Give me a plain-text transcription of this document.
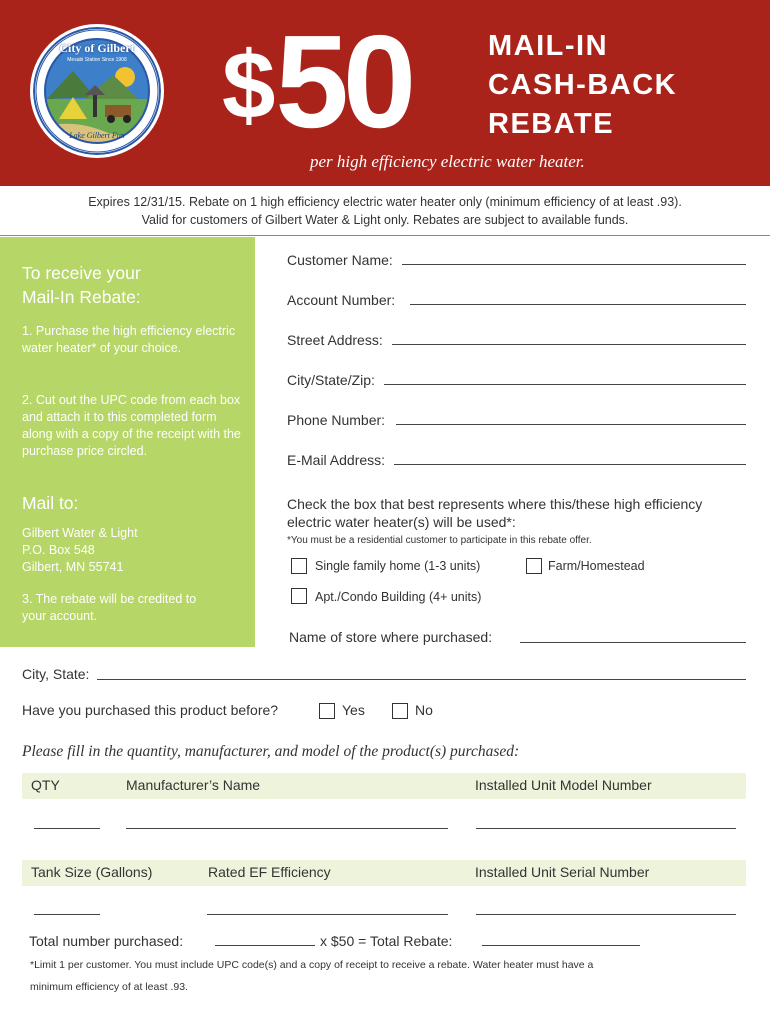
City of Gilbert
Mesabi Station Since 1908
Lake Gilbert Fun	$50	MAIL-IN
CASH-BACK
REBATE
per high efficiency electric water heater.
Expires 12/31/15. Rebate on 1 high efficiency electric water heater only (minimum efficiency of at least .93).
Valid for customers of Gilbert Water & Light only. Rebates are subject to available funds.
To receive your
Mail-In Rebate:
1. Purchase the high efficiency electric water heater* of your choice.
2. Cut out the UPC code from each box and attach it to this completed form along with a copy of the receipt with the purchase price circled.
Mail to:
Gilbert Water & Light
P.O. Box 548
Gilbert, MN 55741
3. The rebate will be credited to your account.
Customer Name:
Account Number:
Street Address:
City/State/Zip:
Phone Number:
E-Mail Address:
Check the box that best represents where this/these high efficiency electric water heater(s) will be used*:
*You must be a residential customer to participate in this rebate offer.
Single family home (1-3 units)	Farm/Homestead
Apt./Condo Building (4+ units)
Name of store where purchased:
City, State:
Have you purchased this product before?	Yes	No
Please fill in the quantity, manufacturer, and model of the product(s) purchased:
QTY	Manufacturer’s Name	Installed Unit Model Number
Tank Size (Gallons)	Rated EF Efficiency	Installed Unit Serial Number
Total number purchased:	x $50 = Total Rebate:
*Limit 1 per customer. You must include UPC code(s) and a copy of receipt to receive a rebate. Water heater must have a
minimum efficiency of at least .93.
